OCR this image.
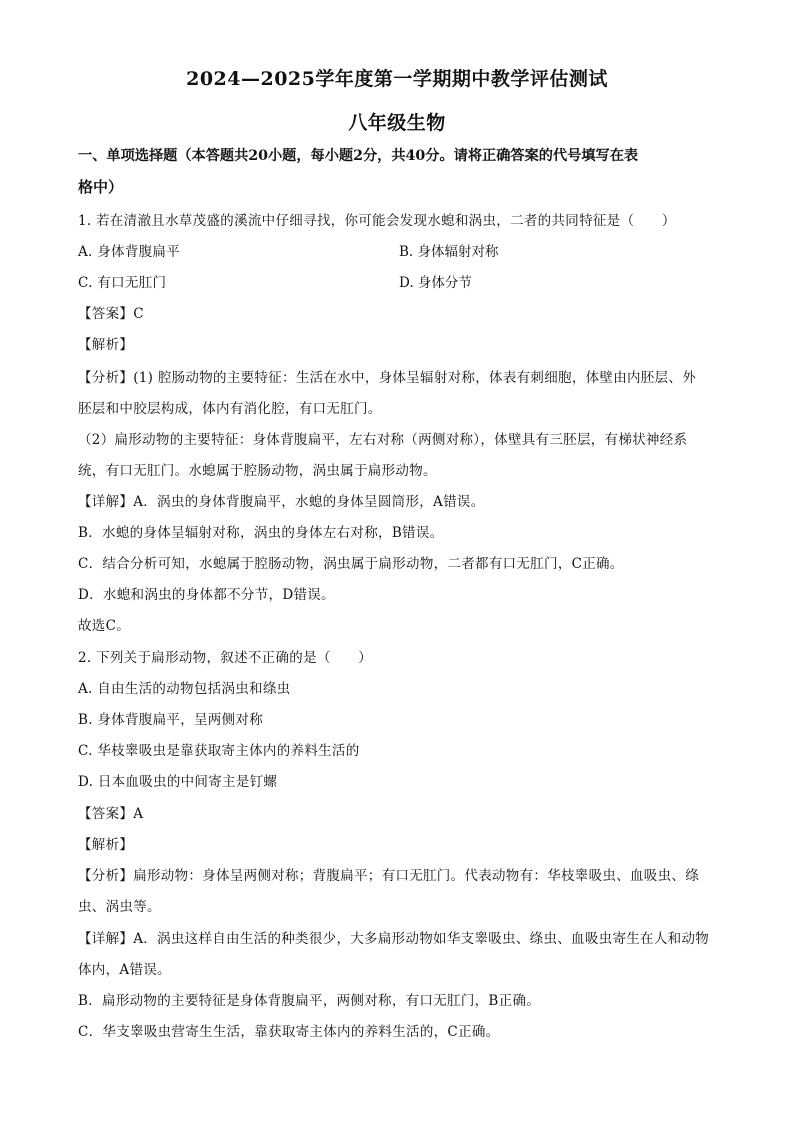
2024—2025学年度第一学期期中教学评估测试
八年级生物
一、单项选择题（本答题共20小题，每小题2分，共40分。请将正确答案的代号填写在表
格中）
1. 若在清澈且水草茂盛的溪流中仔细寻找，你可能会发现水螅和涡虫，二者的共同特征是（　　）
A. 身体背腹扁平	B. 身体辐射对称
C. 有口无肛门	D. 身体分节
【答案】C
【解析】
【分析】(1) 腔肠动物的主要特征：生活在水中，身体呈辐射对称，体表有刺细胞，体壁由内胚层、外
胚层和中胶层构成，体内有消化腔，有口无肛门。
（2）扁形动物的主要特征：身体背腹扁平，左右对称（两侧对称），体壁具有三胚层，有梯状神经系
统，有口无肛门。水螅属于腔肠动物，涡虫属于扁形动物。
【详解】A．涡虫的身体背腹扁平，水螅的身体呈圆筒形，A错误。
B．水螅的身体呈辐射对称，涡虫的身体左右对称，B错误。
C．结合分析可知，水螅属于腔肠动物，涡虫属于扁形动物，二者都有口无肛门，C正确。
D．水螅和涡虫的身体都不分节，D错误。
故选C。
2. 下列关于扁形动物，叙述不正确的是（　　）
A. 自由生活的动物包括涡虫和绦虫
B. 身体背腹扁平，呈两侧对称
C. 华枝睾吸虫是靠获取寄主体内的养料生活的
D. 日本血吸虫的中间寄主是钉螺
【答案】A
【解析】
【分析】扁形动物：身体呈两侧对称；背腹扁平；有口无肛门。代表动物有：华枝睾吸虫、血吸虫、绦
虫、涡虫等。
【详解】A．涡虫这样自由生活的种类很少，大多扁形动物如华支睾吸虫、绦虫、血吸虫寄生在人和动物
体内，A错误。
B．扁形动物的主要特征是身体背腹扁平，两侧对称，有口无肛门，B正确。
C．华支睾吸虫营寄生生活，靠获取寄主体内的养料生活的，C正确。
